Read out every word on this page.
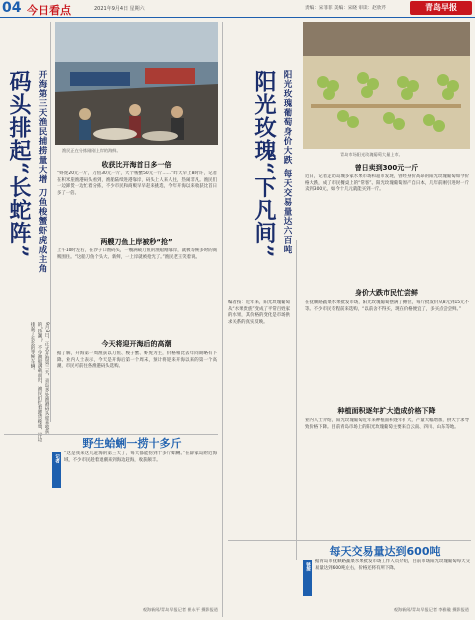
04 今日看点	2021年9月4日 星期六	责编：宋菲菲 美编：宋晓 审读：赵欣芹	青岛早报
码头排起“长蛇阵” 开海第三天渔民捕捞量大增 刀鱼梭蟹虾虎成主角
9月3日，正式开海第三天，青岛多处渔港码头迎来收获的“热潮”，不少渔船满载而归，渔民们忙着卸货称重，岸边排起了长长的等候车辆。
渔民正在分拣刚刚上岸的海鲜。
收获比开海首日多一倍
“虾虎20元一斤，刀鱼30元一斤，大个梭蟹50元一斤……”昨天早上8时许，记者在积米崖渔港码头看到，渔船陆续进港靠岸，码头上人来人往，热闹非凡。渔民们一边卸货一边忙着分拣，不少市民和商贩早早赶来挑选，今年开海以来收获比首日多了一倍。
两艘刀鱼上岸被秒“抢”
上午10时左右，在沙子口渔码头，一艘满载刀鱼的渔船刚靠岸，就被等候多时的商贩围住。“这船刀鱼个头大、新鲜，一上岸就被抢光了。”渔民老王笑着说。
今天将迎开海后的高潮
据了解，开海第一周渔获以刀鱼、梭子蟹、虾虎为主，价格相比去年同期略有下降。业内人士表示，今天是开海后第一个周末，预计将迎来开海以来的第一个高潮，市民可前往各渔港码头选购。
野生蛤蜊一捞十多斤
记者
“这是我来这儿赶海的第三天了，每天都能捞到十多斤蛤蜊。”在薛家岛附近海域，不少市民趁着退潮来到海边赶海，收获颇丰。
观海新闻/青岛早报记者 崔永平 摄影报道
阳光玫瑰“下凡间” 阳光玫瑰葡萄身价大跌 每天交易量达六百吨
编者按：近年来，阳光玫瑰葡萄从“水果贵族”变成了平常百姓家的水果，其价格的变化是市场供求关系的真实反映。
青岛市场阳光玫瑰葡萄大量上市。
曾日卖到300元一斤
近日，记者走访岛城多家水果市场和超市发现，曾经身价高昂的阳光玫瑰葡萄如今价格大跌，成了市民餐桌上的“常客”。阳光玫瑰葡萄原产自日本，几年前刚引进时一斤卖到300元，如今十几元就能买到一斤。
身价大跌市民忙尝鲜
在抚顺路蔬菜水果批发市场，阳光玫瑰葡萄摆满了摊位，每斤批发价从8元到15元不等。不少市民专程前来选购，“以前舍不得买，现在价格便宜了，多买点尝尝鲜。”
种植面积逐年扩大造成价格下降
业内人士介绍，阳光玫瑰葡萄近年来种植面积逐年扩大，产量大幅增加，供大于求导致价格下降。目前青岛市场上的阳光玫瑰葡萄主要来自云南、四川、山东等地。
每天交易量达到600吨
链接
据青岛市抚顺路蔬菜水果批发市场工作人员介绍，目前市场阳光玫瑰葡萄每天交易量达到600吨左右，价格还将有所下降。
观海新闻/青岛早报记者 李雅璇 摄影报道
